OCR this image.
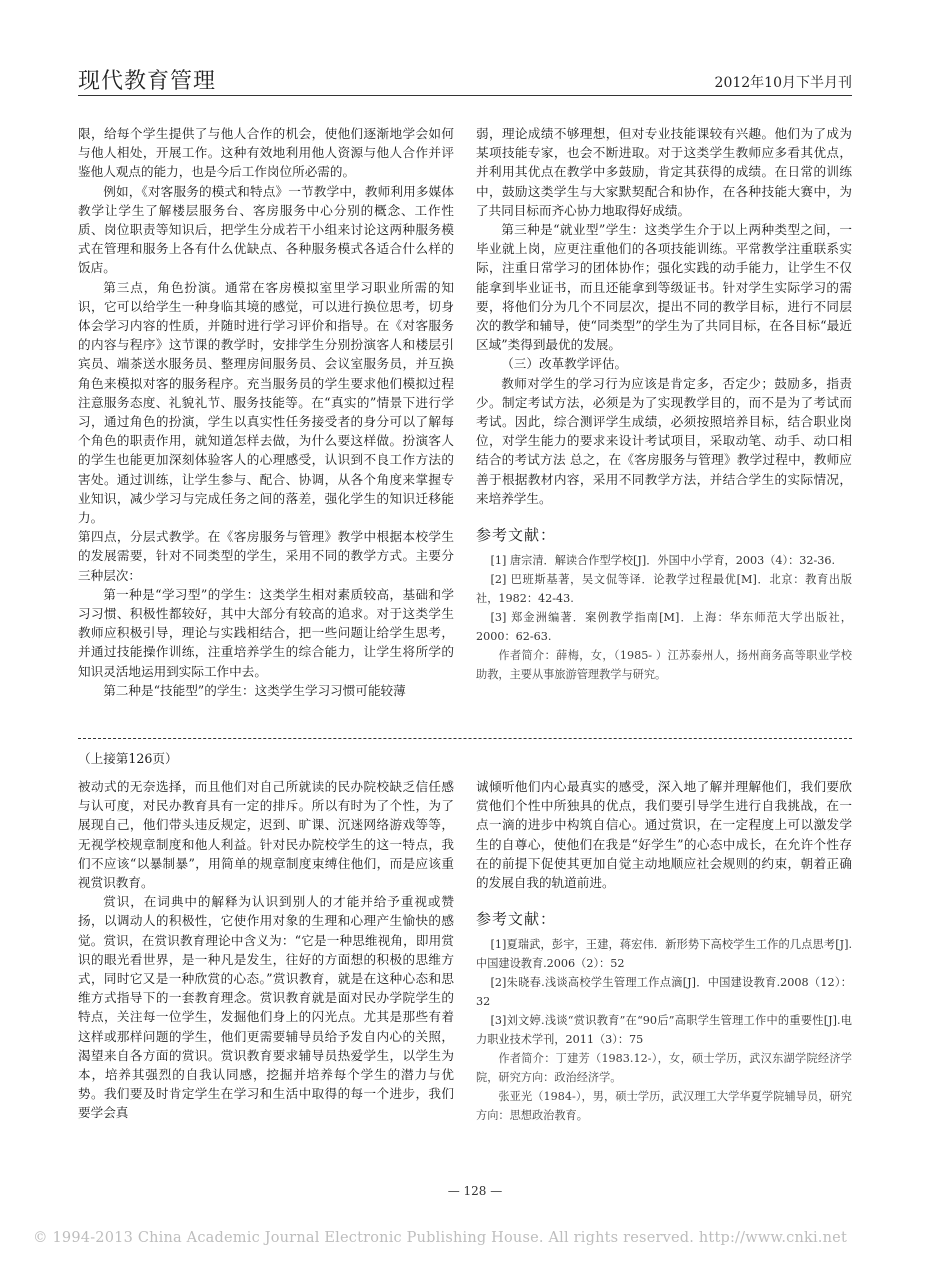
现代教育管理	2012年10月下半月刊

限，给每个学生提供了与他人合作的机会，使他们逐渐地学会如何与他人相处，开展工作。这种有效地利用他人资源与他人合作并评鉴他人观点的能力，也是今后工作岗位所必需的。

例如，《对客服务的模式和特点》一节教学中，教师利用多媒体教学让学生了解楼层服务台、客房服务中心分别的概念、工作性质、岗位职责等知识后，把学生分成若干小组来讨论这两种服务模式在管理和服务上各有什么优缺点、各种服务模式各适合什么样的饭店。

第三点，角色扮演。通常在客房模拟室里学习职业所需的知识，它可以给学生一种身临其境的感觉，可以进行换位思考，切身体会学习内容的性质，并随时进行学习评价和指导。在《对客服务的内容与程序》这节课的教学时，安排学生分别扮演客人和楼层引宾员、端茶送水服务员、整理房间服务员、会议室服务员，并互换角色来模拟对客的服务程序。充当服务员的学生要求他们模拟过程注意服务态度、礼貌礼节、服务技能等。在“真实的”情景下进行学习，通过角色的扮演，学生以真实性任务接受者的身分可以了解每个角色的职责作用，就知道怎样去做，为什么要这样做。扮演客人的学生也能更加深刻体验客人的心理感受，认识到不良工作方法的害处。通过训练，让学生参与、配合、协调，从各个角度来掌握专业知识，减少学习与完成任务之间的落差，强化学生的知识迁移能力。

第四点，分层式教学。在《客房服务与管理》教学中根据本校学生的发展需要，针对不同类型的学生，采用不同的教学方式。主要分三种层次：

第一种是“学习型”的学生：这类学生相对素质较高，基础和学习习惯、积极性都较好，其中大部分有较高的追求。对于这类学生教师应积极引导，理论与实践相结合，把一些问题让给学生思考，并通过技能操作训练，注重培养学生的综合能力，让学生将所学的知识灵活地运用到实际工作中去。

第二种是“技能型”的学生：这类学生学习习惯可能较薄

弱，理论成绩不够理想，但对专业技能课较有兴趣。他们为了成为某项技能专家，也会不断进取。对于这类学生教师应多看其优点，并利用其优点在教学中多鼓励，肯定其获得的成绩。在日常的训练中，鼓励这类学生与大家默契配合和协作，在各种技能大赛中，为了共同目标而齐心协力地取得好成绩。

第三种是“就业型”学生：这类学生介于以上两种类型之间，一毕业就上岗，应更注重他们的各项技能训练。平常教学注重联系实际，注重日常学习的团体协作；强化实践的动手能力，让学生不仅能拿到毕业证书，而且还能拿到等级证书。针对学生实际学习的需要，将他们分为几个不同层次，提出不同的教学目标，进行不同层次的教学和辅导，使“同类型”的学生为了共同目标，在各目标“最近区域”类得到最优的发展。

（三）改革教学评估。

教师对学生的学习行为应该是肯定多，否定少；鼓励多，指责少。制定考试方法，必须是为了实现教学目的，而不是为了考试而考试。因此，综合测评学生成绩，必须按照培养目标，结合职业岗位，对学生能力的要求来设计考试项目，采取动笔、动手、动口相结合的考试方法 总之，在《客房服务与管理》教学过程中，教师应善于根据教材内容，采用不同教学方法，并结合学生的实际情况，来培养学生。

参考文献：

[1] 唐宗清．解读合作型学校[J]．外国中小学育，2003（4）：32-36.

[2] 巴班斯基著，吴文侃等译．论教学过程最优[M]．北京：教育出版社，1982：42-43.

[3] 郑金洲编著．案例教学指南[M]．上海：华东师范大学出版社，2000：62-63.

作者简介：薛梅，女，（1985- ）江苏泰州人，扬州商务高等职业学校助教，主要从事旅游管理教学与研究。

（上接第126页）

被动式的无奈选择，而且他们对自己所就读的民办院校缺乏信任感与认可度，对民办教育具有一定的排斥。所以有时为了个性，为了展现自己，他们带头违反规定，迟到、旷课、沉迷网络游戏等等，无视学校规章制度和他人利益。针对民办院校学生的这一特点，我们不应该“以暴制暴”，用简单的规章制度束缚住他们，而是应该重视赏识教育。

赏识，在词典中的解释为认识到别人的才能并给予重视或赞扬，以调动人的积极性，它使作用对象的生理和心理产生愉快的感觉。赏识，在赏识教育理论中含义为：“它是一种思维视角，即用赏识的眼光看世界，是一种凡是发生，往好的方面想的积极的思维方式，同时它又是一种欣赏的心态。”赏识教育，就是在这种心态和思维方式指导下的一套教育理念。赏识教育就是面对民办学院学生的特点，关注每一位学生，发掘他们身上的闪光点。尤其是那些有着这样或那样问题的学生，他们更需要辅导员给予发自内心的关照，渴望来自各方面的赏识。赏识教育要求辅导员热爱学生，以学生为本，培养其强烈的自我认同感，挖掘并培养每个学生的潜力与优势。我们要及时肯定学生在学习和生活中取得的每一个进步，我们要学会真

诚倾听他们内心最真实的感受，深入地了解并理解他们，我们要欣赏他们个性中所独具的优点，我们要引导学生进行自我挑战，在一点一滴的进步中构筑自信心。通过赏识，在一定程度上可以激发学生的自尊心，使他们在我是“好学生”的心态中成长，在允许个性存在的前提下促使其更加自觉主动地顺应社会规则的约束，朝着正确的发展自我的轨道前进。

参考文献：

[1]夏瑞武，彭宇，王建，蒋宏伟．新形势下高校学生工作的几点思考[J].中国建设教育.2006（2）：52

[2]朱晓春.浅谈高校学生管理工作点滴[J]．中国建设教育.2008（12）：32

[3]刘文婷.浅谈“赏识教育”在“90后”高职学生管理工作中的重要性[J].电力职业技术学刊，2011（3）：75

作者简介：丁建芳（1983.12-），女，硕士学历，武汉东湖学院经济学院，研究方向：政治经济学。

张亚光（1984-），男，硕士学历，武汉理工大学华夏学院辅导员，研究方向：思想政治教育。

— 128 —
© 1994-2013 China Academic Journal Electronic Publishing House. All rights reserved. http://www.cnki.net
